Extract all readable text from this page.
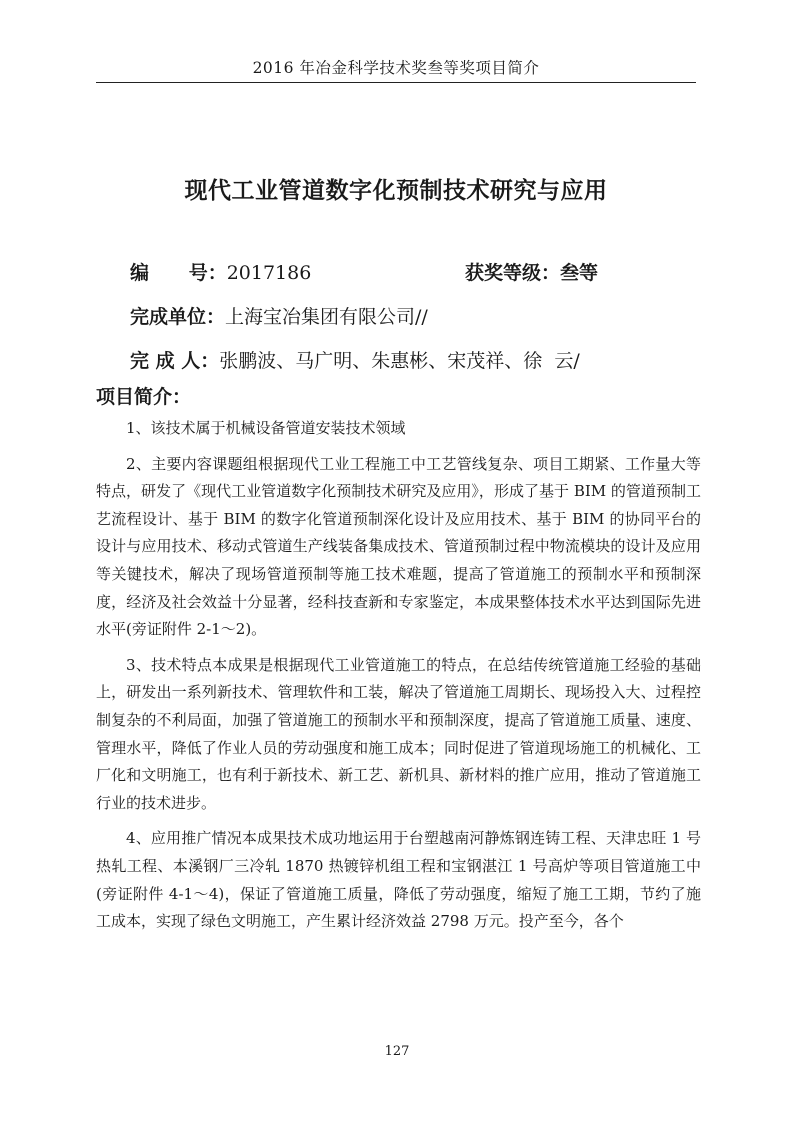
2016 年冶金科学技术奖叁等奖项目简介
现代工业管道数字化预制技术研究与应用
编      号：2017186	获奖等级：叁等
完成单位：上海宝冶集团有限公司//
完 成 人：张鹏波、马广明、朱惠彬、宋茂祥、徐  云/
项目简介：

1、该技术属于机械设备管道安装技术领域

2、主要内容课题组根据现代工业工程施工中工艺管线复杂、项目工期紧、工作量大等特点，研发了《现代工业管道数字化预制技术研究及应用》，形成了基于 BIM 的管道预制工艺流程设计、基于 BIM 的数字化管道预制深化设计及应用技术、基于 BIM 的协同平台的设计与应用技术、移动式管道生产线装备集成技术、管道预制过程中物流模块的设计及应用等关键技术，解决了现场管道预制等施工技术难题，提高了管道施工的预制水平和预制深度，经济及社会效益十分显著，经科技查新和专家鉴定，本成果整体技术水平达到国际先进水平(旁证附件 2-1～2)。

3、技术特点本成果是根据现代工业管道施工的特点，在总结传统管道施工经验的基础上，研发出一系列新技术、管理软件和工装，解决了管道施工周期长、现场投入大、过程控制复杂的不利局面，加强了管道施工的预制水平和预制深度，提高了管道施工质量、速度、管理水平，降低了作业人员的劳动强度和施工成本；同时促进了管道现场施工的机械化、工厂化和文明施工，也有利于新技术、新工艺、新机具、新材料的推广应用，推动了管道施工行业的技术进步。

4、应用推广情况本成果技术成功地运用于台塑越南河静炼钢连铸工程、天津忠旺 1 号热轧工程、本溪钢厂三冷轧 1870 热镀锌机组工程和宝钢湛江 1 号高炉等项目管道施工中(旁证附件 4-1～4)，保证了管道施工质量，降低了劳动强度，缩短了施工工期，节约了施工成本，实现了绿色文明施工，产生累计经济效益 2798 万元。投产至今，各个

127
